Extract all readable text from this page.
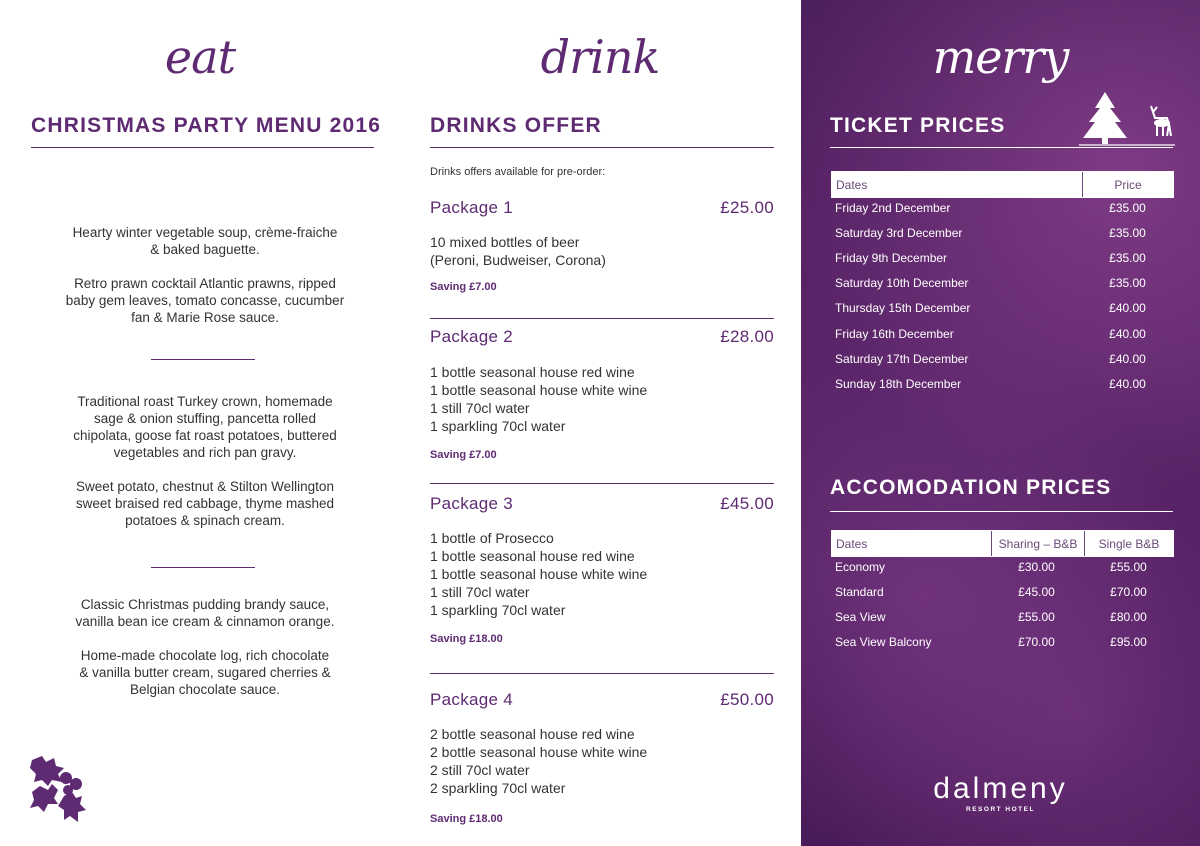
eat
CHRISTMAS PARTY MENU 2016

Hearty winter vegetable soup, crème-fraiche
& baked baguette.

Retro prawn cocktail Atlantic prawns, ripped
baby gem leaves, tomato concasse, cucumber
fan & Marie Rose sauce.

Traditional roast Turkey crown, homemade
sage & onion stuffing, pancetta rolled
chipolata, goose fat roast potatoes, buttered
vegetables and rich pan gravy.

Sweet potato, chestnut & Stilton Wellington
sweet braised red cabbage, thyme mashed
potatoes & spinach cream.

Classic Christmas pudding brandy sauce,
vanilla bean ice cream & cinnamon orange.

Home-made chocolate log, rich chocolate
& vanilla butter cream, sugared cherries &
Belgian chocolate sauce.

drink
DRINKS OFFER
Drinks offers available for pre-order:
Package 1	£25.00
10 mixed bottles of beer
(Peroni, Budweiser, Corona)
Saving £7.00
Package 2	£28.00
1 bottle seasonal house red wine
1 bottle seasonal house white wine
1 still 70cl water
1 sparkling 70cl water
Saving £7.00
Package 3	£45.00
1 bottle of Prosecco
1 bottle seasonal house red wine
1 bottle seasonal house white wine
1 still 70cl water
1 sparkling 70cl water
Saving £18.00
Package 4	£50.00
2 bottle seasonal house red wine
2 bottle seasonal house white wine
2 still 70cl water
2 sparkling 70cl water
Saving £18.00
merry
TICKET PRICES
Dates	Price
Friday 2nd December	£35.00
Saturday 3rd December	£35.00
Friday 9th December	£35.00
Saturday 10th December	£35.00
Thursday 15th December	£40.00
Friday 16th December	£40.00
Saturday 17th December	£40.00
Sunday 18th December	£40.00
ACCOMODATION PRICES
Dates	Sharing – B&B	Single B&B
Economy	£30.00	£55.00
Standard	£45.00	£70.00
Sea View	£55.00	£80.00
Sea View Balcony	£70.00	£95.00
dalmeny
RESORT HOTEL
